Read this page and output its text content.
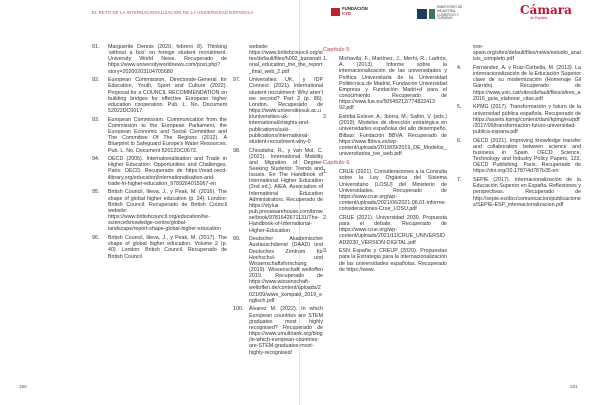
EL RETO DE LA INTERNACIONALIZACIÓN DE LA UNIVERSIDAD ESPAÑOLA
FUNDACIÓN
CYD
MINISTERIO DE INDUSTRIA, COMERCIO Y TURISMO
Cámara
de España
91. Marguerite Dennis (2020, febrero 8). Thinking ‘without a box’ on foreign student recruitment. University World News. Recuperado de https://www.universityworldnews.com/post.php?story=20200203104705680
92. European Commission, Directorate-General for Education, Youth, Sport and Culture (2022). Proposal for a COUNCIL RECOMMENDATION on building bridges for effective European higher education cooperation. Pub. L. No. Document 52022DC0017.
93. European Commission. Communication from the Commission to the European Parliament, the European Economic and Social Committee and The Committee Of The Regions (2012). A Blueprint to Safeguard Europe’s Water Resources. Pub. L. No. Document 52012DC0673.
94. OECD (2005). Internationalisation and Trade in Higher Education: Opportunities and Challenges. Paris: OECD. Recuperado de https://read.oecd-ilibrary.org/education/internationalisation-and-trade-in-higher-education_9789264015067-en
95. British Council, Ilieva, J., y Peak, M. (2016). The shape of global higher education (p. 24). London: British Council. Recuperado de British Council website: https://www.britishcouncil.org/education/he-science/knowledge-centre/global-landscape/report-shape-global-higher-education
96. British Council, Ilieva, J., y Peak, M. (2017). The shape of global higher education. Volume 2 (p. 40). London: British Council. Recuperado de British Council
website: https://www.britishcouncil.org/sites/default/files/h002_transnational_education_tne_the_report_final_web_2.pdf
97. Universities UK, y IDP Connect. (2021). International student recruitment: Why aren’t we second? Part 2 (p. 86). London. Recuperado de https://www.universitiesuk.ac.uk/universities-uk-international/insights-and-publications/uuki-publications/international-student-recruitment-why-0
98. Choudaha, R., y van Mol, C. (2021). International Mobility and Migration of Degree-Seeking Students: Trends and Issues. En The Handbook of International Higher Education (2nd ed.). AIEA. Association of International Education Administrators. Recuperado de https://stylus pub.presswarehouse.com/browse/book/9781642671131/The-Handbook-of-International-Higher-Education
99. Deutscher Akademischer Austauschdienst (DAAD) und Deutsches Zentrum für Hochschul- und Wissenschaftsforschung (2019). Wissenschaft weltoffen 2019. Recuperado de https://www.wissenschaft-weltoffen.de/content/uploads/2021/09/wiwe_kompakt_2019_englisch.pdf
100. Álvarez M. (2022). In which European countries are STEM graduates most highly recognised? Recuperado de https://www.umultirank.org/blog/in-which-european-countries-are-STEM-graduates-most-highly-recognised/
Capítulo 5
1. Michavila, F., Martínez, J., Merhi, R., Ladrón, A. (2013). Informe sobre la internacionalización de las universidades y Política Universitaria de la Universidad Politécnica de Madrid, Fundación Universidad Empresa y Fundación Madri+d para el conocimiento. Recuperado de https://www.fue.es/50545212/774822413 92.pdf
2. Estribá Esteve, A.; Iborra, M.; Safón, V. (eds.) (2019). Modelos de dirección estratégica en universidades españolas del alto desempeño. Bilbao: Fundación BBVA. Recuperado de https://www.fbbva.es/wp-content/uploads/2019/09/2019_DE_Modelos_universitarios_tve_web.pdf
Capítulo 6
1. CRUE (2021). Consideraciones a la Consulta sobre la Ley Orgánica del Sistema Universitario (LOSU) del Ministerio de Universidades. Recuperado de https://www.crue.org/wp-content/uploads/2021/06/2021.06.01-informe-consideraciones-Crue_LOSU.pdf
2. CRUE (2021). Universidad 2030. Propuesta para el debate. Recuperado de https://www.crue.org/wp-content/uploads/2021/11/CRUE_UNIVERSIDAD2030_VERSION-DIGITAL.pdf
3. ESN España y CREUP (2020). Propuestas para la Estrategia para la internacionalización de las universidades españolas. Recuperado de https://www.
esn-spain.org/sites/default/files/news/estudio_analisis_completo.pdf
4. Fernández, A. y Ruiz-Corbella, M. (2013). La internacionalización de la Educación Superior clave de su modernización (Homenaje Gil Garrido). Recuperado de https://www.uvic.cat/sites/default/files/altres_a2016_guia_elaborar_citas.pdf
5. KPMG (2017). Transformación y futuro de la universidad pública española. Recuperado de https://assets.kpmg/content/dam/kpmg/es/pdf/2017/09/transformacion-futuro-universidad-publica-espana.pdf
6. OECD (2021). Improving knowledge transfer and collaboration between science and business in Spain. OECD Science, Technology and Industry Policy Papers, 122, OECD Publishing, Paris. Recuperado de https://doi.org/10.1787/4d787b35-en
7. SEPIE (2017). Internacionalización de la Educación Superior en España. Reflexiones y perspectivas. Recuperado de http://sepie.es/doc/comunicacion/publicaciones/SEPIE-ESP_internacionalizacion.pdf
180	181
